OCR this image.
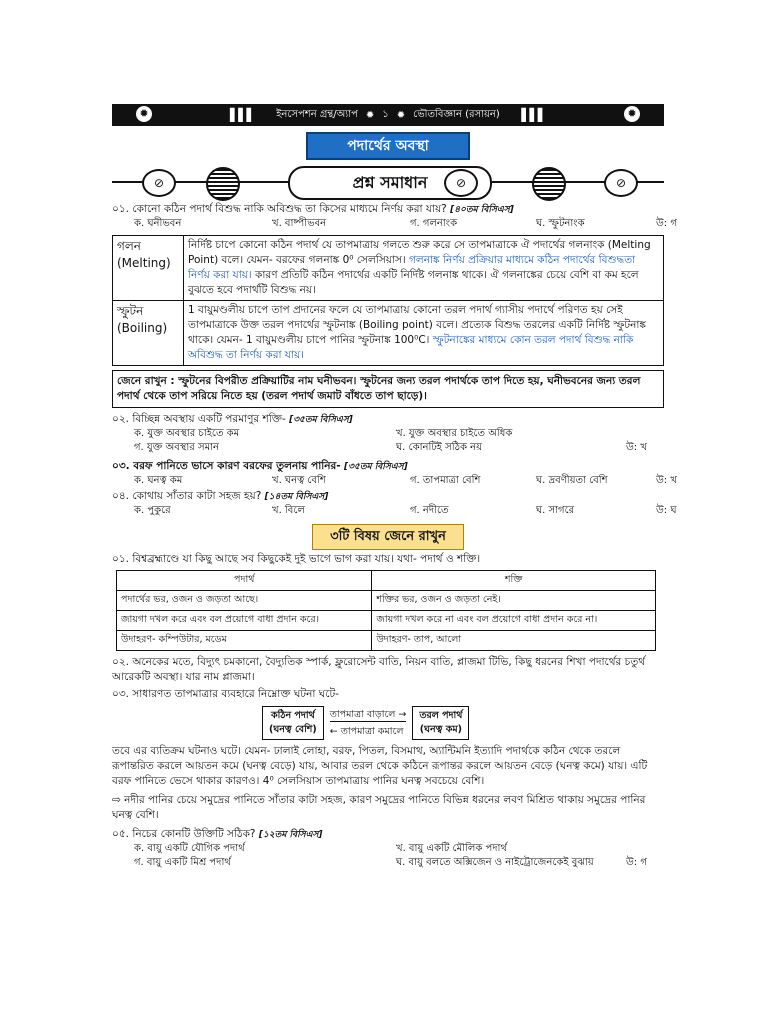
✹	▌▌▌ ইনসেপশন গ্রন্থ/অ্যাপ ✹ ১ ✹ ভৌতবিজ্ঞান (রসায়ন) ▌▌▌	✹
পদার্থের অবস্থা
⊘	প্রশ্ন সমাধান	⊘	⊘
০১. কোনো কঠিন পদার্থ বিশুদ্ধ নাকি অবিশুদ্ধ তা কিসের মাধ্যমে নির্ণয় করা যায়? [৪০তম বিসিএস]
ক. ঘনীভবন	খ. বাষ্পীভবন	গ. গলনাংক	ঘ. স্ফুটনাংক	উ: গ
গলন
(Melting)	নির্দিষ্ট চাপে কোনো কঠিন পদার্থ যে তাপমাত্রায় গলতে শুরু করে সে তাপমাত্রাকে ঐ পদার্থের গলনাংক (Melting Point) বলে। যেমন- বরফের গলনাঙ্ক 0⁰ সেলসিয়াস। গলনাঙ্ক নির্ণয় প্রক্রিয়ার মাধ্যমে কঠিন পদার্থের বিশুদ্ধতা নির্ণয় করা যায়। কারণ প্রতিটি কঠিন পদার্থের একটি নির্দিষ্ট গলনাঙ্ক থাকে। ঐ গলনাঙ্কের চেয়ে বেশি বা কম হলে বুঝতে হবে পদার্থটি বিশুদ্ধ নয়।

স্ফুটন
(Boiling)	1 বায়ুমণ্ডলীয় চাপে তাপ প্রদানের ফলে যে তাপমাত্রায় কোনো তরল পদার্থ গ্যাসীয় পদার্থে পরিণত হয় সেই তাপমাত্রাকে উক্ত তরল পদার্থের স্ফুটনাঙ্ক (Boiling point) বলে। প্রত্যেক বিশুদ্ধ তরলের একটি নির্দিষ্ট স্ফুটনাঙ্ক থাকে। যেমন- 1 বায়ুমণ্ডলীয় চাপে পানির স্ফুটনাঙ্ক 100⁰C। স্ফুটনাঙ্কের মাধ্যমে কোন তরল পদার্থ বিশুদ্ধ নাকি অবিশুদ্ধ তা নির্ণয় করা যায়।
জেনে রাখুন : স্ফুটনের বিপরীত প্রক্রিয়াটির নাম ঘনীভবন। স্ফুটনের জন্য তরল পদার্থকে তাপ দিতে হয়, ঘনীভবনের জন্য তরল পদার্থ থেকে তাপ সরিয়ে নিতে হয় (তরল পদার্থ জমাট বাঁধতে তাপ ছাড়ে)।
০২. বিচ্ছিন্ন অবস্থায় একটি পরমাণুর শক্তি- [৩৫তম বিসিএস]
ক. যুক্ত অবস্থার চাইতে কম	খ. যুক্ত অবস্থার চাইতে অধিক
গ. যুক্ত অবস্থার সমান	ঘ. কোনটিই সঠিক নয়	উ: খ
০৩. বরফ পানিতে ভাসে কারণ বরফের তুলনায় পানির- [৩৫তম বিসিএস]
ক. ঘনত্ব কম	খ. ঘনত্ব বেশি	গ. তাপমাত্রা বেশি	ঘ. দ্রবণীয়তা বেশি	উ: খ
০৪. কোথায় সাঁতার কাটা সহজ হয়? [১৪তম বিসিএস]
ক. পুকুরে	খ. বিলে	গ. নদীতে	ঘ. সাগরে	উ: ঘ
৩টি বিষয় জেনে রাখুন
০১. বিশ্বব্রহ্মাণ্ডে যা কিছু আছে সব কিছুকেই দুই ভাগে ভাগ করা যায়। যথা- পদার্থ ও শক্তি।
পদার্থ	শক্তি
পদার্থের ভর, ওজন ও জড়তা আছে।	শক্তির ভর, ওজন ও জড়তা নেই।
জায়গা দখল করে এবং বল প্রয়োগে বাধা প্রদান করে।	জায়গা দখল করে না এবং বল প্রয়োগে বাধা প্রদান করে না।
উদাহরণ- কম্পিউটার, মডেম	উদাহরণ- তাপ, আলো
০২. অনেকের মতে, বিদ্যুৎ চমকানো, বৈদ্যুতিক স্পার্ক, ফ্লুরোসেন্ট বাতি, নিয়ন বাতি, প্লাজমা টিভি, কিছু ধরনের শিখা পদার্থের চতুর্থ আরেকটি অবস্থা। যার নাম প্লাজমা।
০৩. সাধারণত তাপমাত্রার ব্যবহারে নিম্নোক্ত ঘটনা ঘটে-
কঠিন পদার্থ
(ঘনত্ব বেশি)
তাপমাত্রা বাড়ালে →
← তাপমাত্রা কমালে
তরল পদার্থ
(ঘনত্ব কম)
তবে এর ব্যতিক্রম ঘটনাও ঘটে। যেমন- ঢালাই লোহা, বরফ, পিতল, বিসমাথ, অ্যান্টিমনি ইত্যাদি পদার্থকে কঠিন থেকে তরলে রূপান্তরিত করলে আয়তন কমে (ঘনত্ব বেড়ে) যায়, আবার তরল থেকে কঠিনে রূপান্তর করলে আয়তন বেড়ে (ঘনত্ব কমে) যায়। এটি বরফ পানিতে ভেসে থাকার কারণও। 4⁰ সেলসিয়াস তাপমাত্রায় পানির ঘনত্ব সবচেয়ে বেশি।
⇨ নদীর পানির চেয়ে সমুদ্রের পানিতে সাঁতার কাটা সহজ, কারণ সমুদ্রের পানিতে বিভিন্ন ধরনের লবণ মিশ্রিত থাকায় সমুদ্রের পানির ঘনত্ব বেশি।
০৫. নিচের কোনটি উক্তিটি সঠিক? [১২তম বিসিএস]
ক. বায়ু একটি যৌগিক পদার্থ	খ. বায়ু একটি মৌলিক পদার্থ
গ. বায়ু একটি মিশ্র পদার্থ	ঘ. বায়ু বলতে অক্সিজেন ও নাইট্রোজেনকেই বুঝায়	উ: গ
